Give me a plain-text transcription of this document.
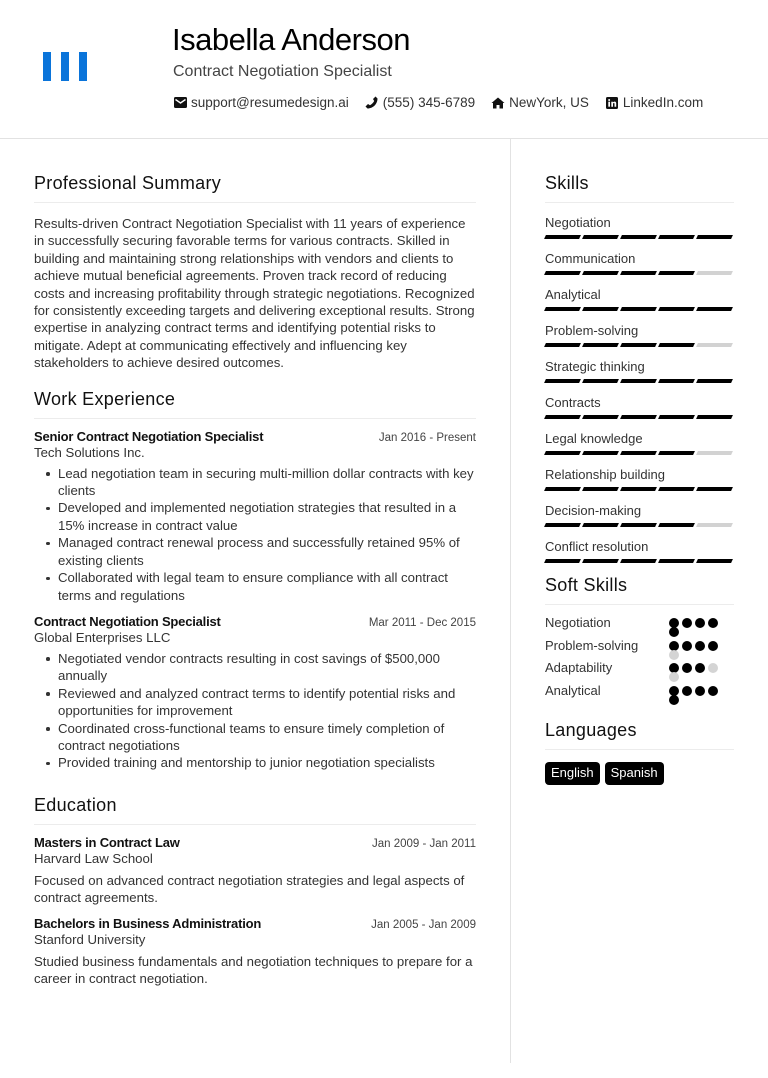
Isabella Anderson
Contract Negotiation Specialist
support@resumedesign.ai	(555) 345-6789	NewYork, US	LinkedIn.com
Professional Summary

Results-driven Contract Negotiation Specialist with 11 years of experience in successfully securing favorable terms for various contracts. Skilled in building and maintaining strong relationships with vendors and clients to achieve mutual beneficial agreements. Proven track record of reducing costs and increasing profitability through strategic negotiations. Recognized for consistently exceeding targets and delivering exceptional results. Strong expertise in analyzing contract terms and identifying potential risks to mitigate. Adept at communicating effectively and influencing key stakeholders to achieve desired outcomes.

Work Experience
Senior Contract Negotiation Specialist	Jan 2016 - Present
Tech Solutions Inc.
Lead negotiation team in securing multi-million dollar contracts with key clients
Developed and implemented negotiation strategies that resulted in a 15% increase in contract value
Managed contract renewal process and successfully retained 95% of existing clients
Collaborated with legal team to ensure compliance with all contract terms and regulations
Contract Negotiation Specialist	Mar 2011 - Dec 2015
Global Enterprises LLC
Negotiated vendor contracts resulting in cost savings of $500,000 annually
Reviewed and analyzed contract terms to identify potential risks and opportunities for improvement
Coordinated cross-functional teams to ensure timely completion of contract negotiations
Provided training and mentorship to junior negotiation specialists
Education
Masters in Contract Law	Jan 2009 - Jan 2011
Harvard Law School

Focused on advanced contract negotiation strategies and legal aspects of contract agreements.

Bachelors in Business Administration	Jan 2005 - Jan 2009
Stanford University

Studied business fundamentals and negotiation techniques to prepare for a career in contract negotiation.

Skills
Negotiation
Communication
Analytical
Problem-solving
Strategic thinking
Contracts
Legal knowledge
Relationship building
Decision-making
Conflict resolution
Soft Skills
Negotiation
Problem-solving
Adaptability
Analytical
Languages
English	Spanish
